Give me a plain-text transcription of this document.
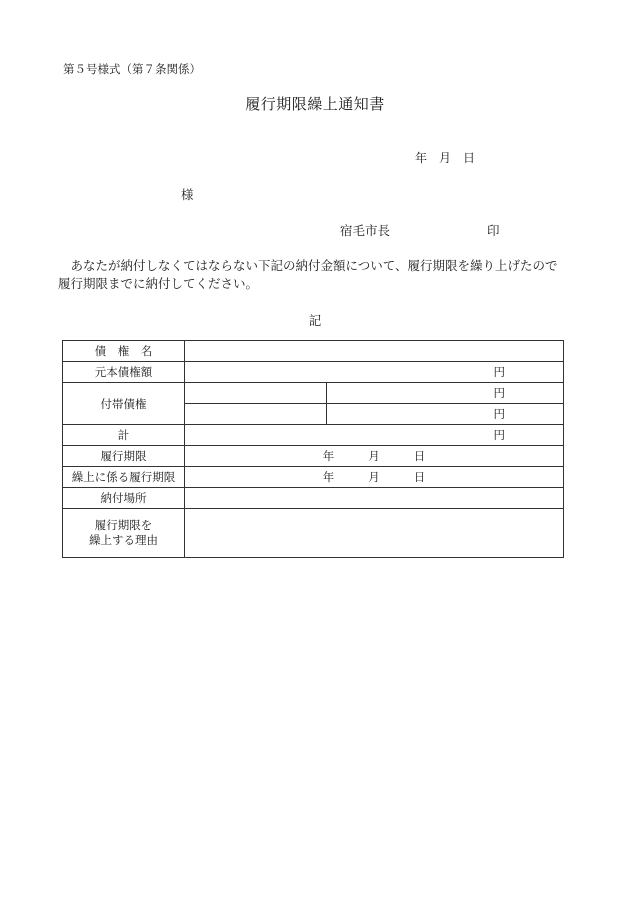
第５号様式（第７条関係）
履行期限繰上通知書
年　月　日
様
宿毛市長	印
　あなたが納付しなくてはならない下記の納付金額について、履行期限を繰り上げたので履行期限までに納付してください。
記
債　権　名		
元本債権額	円	
付帯債権		円
		円
計	円	
履行期限	年 月 日	
繰上に係る履行期限	年 月 日	
納付場所		

履行期限を
繰上する理由		
